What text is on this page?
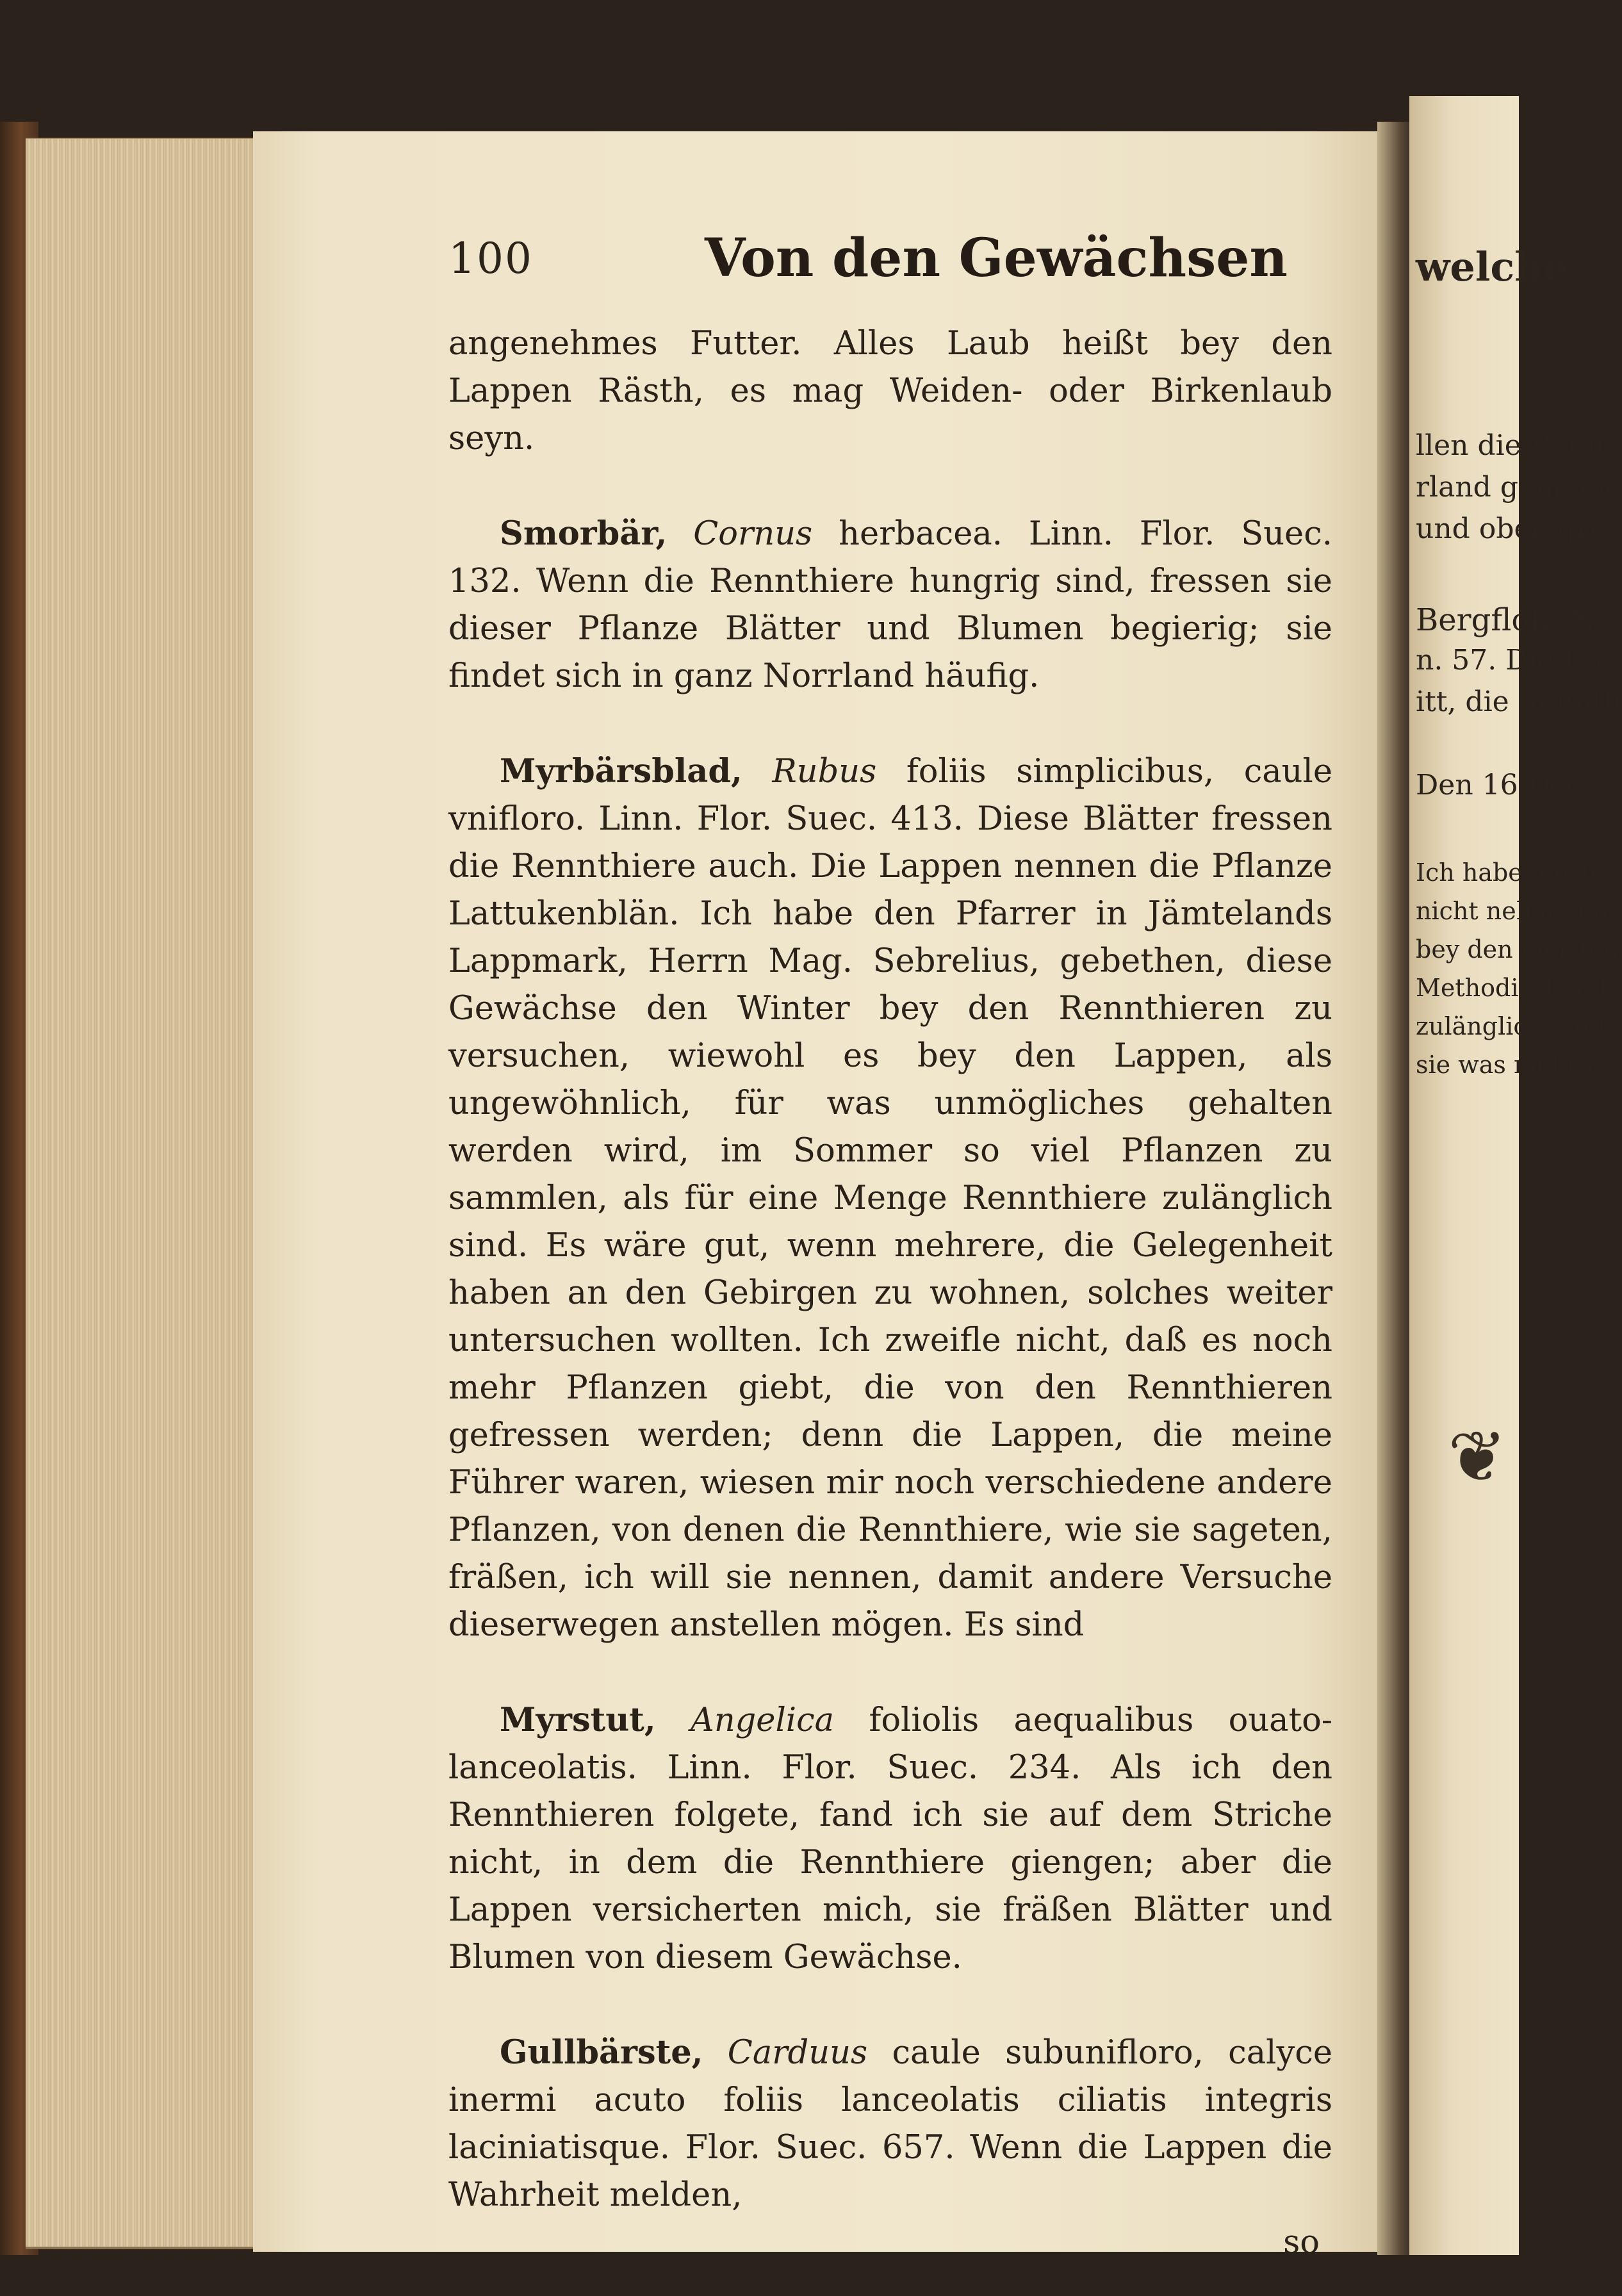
welche
llen die Renn
rland gemeine
und oben grü
Bergflok, N
n. 57. Die La
itt, die Rennth
Den 16 Dec
Ich habe mir b
nicht nehmen n
bey den meisten
Methodischen F
zulänglich, und
sie was mehr a
❦
100	Von den Gewächsen

angenehmes Futter. Alles Laub heißt bey den Lappen Rästh, es mag Weiden- oder Birkenlaub seyn.

Smorbär, Cornus herbacea. Linn. Flor. Suec. 132. Wenn die Rennthiere hungrig sind, fressen sie dieser Pflanze Blätter und Blumen begierig; sie findet sich in ganz Norrland häufig.

Myrbärsblad, Rubus foliis simplicibus, caule vnifloro. Linn. Flor. Suec. 413. Diese Blätter fressen die Rennthiere auch. Die Lappen nennen die Pflanze Lattukenblän. Ich habe den Pfarrer in Jämtelands Lappmark, Herrn Mag. Sebrelius, gebethen, diese Gewächse den Winter bey den Rennthieren zu versuchen, wiewohl es bey den Lappen, als ungewöhnlich, für was unmögliches gehalten werden wird, im Sommer so viel Pflanzen zu sammlen, als für eine Menge Rennthiere zulänglich sind. Es wäre gut, wenn mehrere, die Gelegenheit haben an den Gebirgen zu wohnen, solches weiter untersuchen wollten. Ich zweifle nicht, daß es noch mehr Pflanzen giebt, die von den Rennthieren gefressen werden; denn die Lappen, die meine Führer waren, wiesen mir noch verschiedene andere Pflanzen, von denen die Rennthiere, wie sie sageten, fräßen, ich will sie nennen, damit andere Versuche dieserwegen anstellen mögen. Es sind

Myrstut, Angelica foliolis aequalibus ouato-lanceolatis. Linn. Flor. Suec. 234. Als ich den Rennthieren folgete, fand ich sie auf dem Striche nicht, in dem die Rennthiere giengen; aber die Lappen versicherten mich, sie fräßen Blätter und Blumen von diesem Gewächse.

Gullbärste, Carduus caule subunifloro, calyce inermi acuto foliis lanceolatis ciliatis integris laciniatisque. Flor. Suec. 657. Wenn die Lappen die Wahrheit melden,

so
